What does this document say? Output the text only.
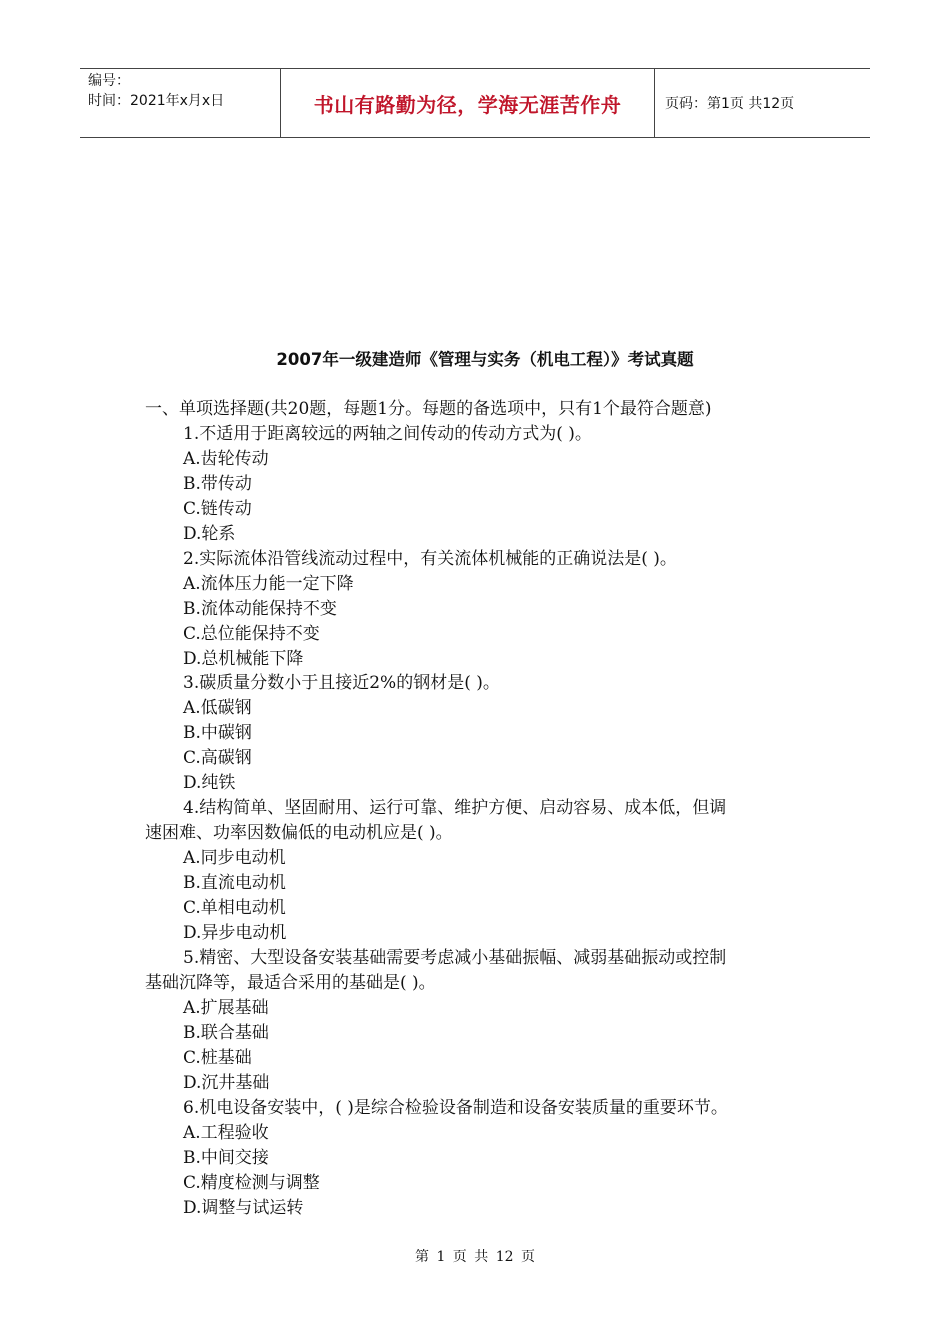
编号：
时间：2021年x月x日	书山有路勤为径，学海无涯苦作舟	页码：第1页 共12页
2007年一级建造师《管理与实务（机电工程）》考试真题
一、单项选择题(共20题，每题1分。每题的备选项中，只有1个最符合题意)
1.不适用于距离较远的两轴之间传动的传动方式为( )。
A.齿轮传动
B.带传动
C.链传动
D.轮系
2.实际流体沿管线流动过程中，有关流体机械能的正确说法是( )。
A.流体压力能一定下降
B.流体动能保持不变
C.总位能保持不变
D.总机械能下降
3.碳质量分数小于且接近2%的钢材是( )。
A.低碳钢
B.中碳钢
C.高碳钢
D.纯铁
4.结构简单、坚固耐用、运行可靠、维护方便、启动容易、成本低，但调
速困难、功率因数偏低的电动机应是( )。
A.同步电动机
B.直流电动机
C.单相电动机
D.异步电动机
5.精密、大型设备安装基础需要考虑减小基础振幅、减弱基础振动或控制
基础沉降等，最适合采用的基础是( )。
A.扩展基础
B.联合基础
C.桩基础
D.沉井基础
6.机电设备安装中，( )是综合检验设备制造和设备安装质量的重要环节。
A.工程验收
B.中间交接
C.精度检测与调整
D.调整与试运转
第 1 页 共 12 页
